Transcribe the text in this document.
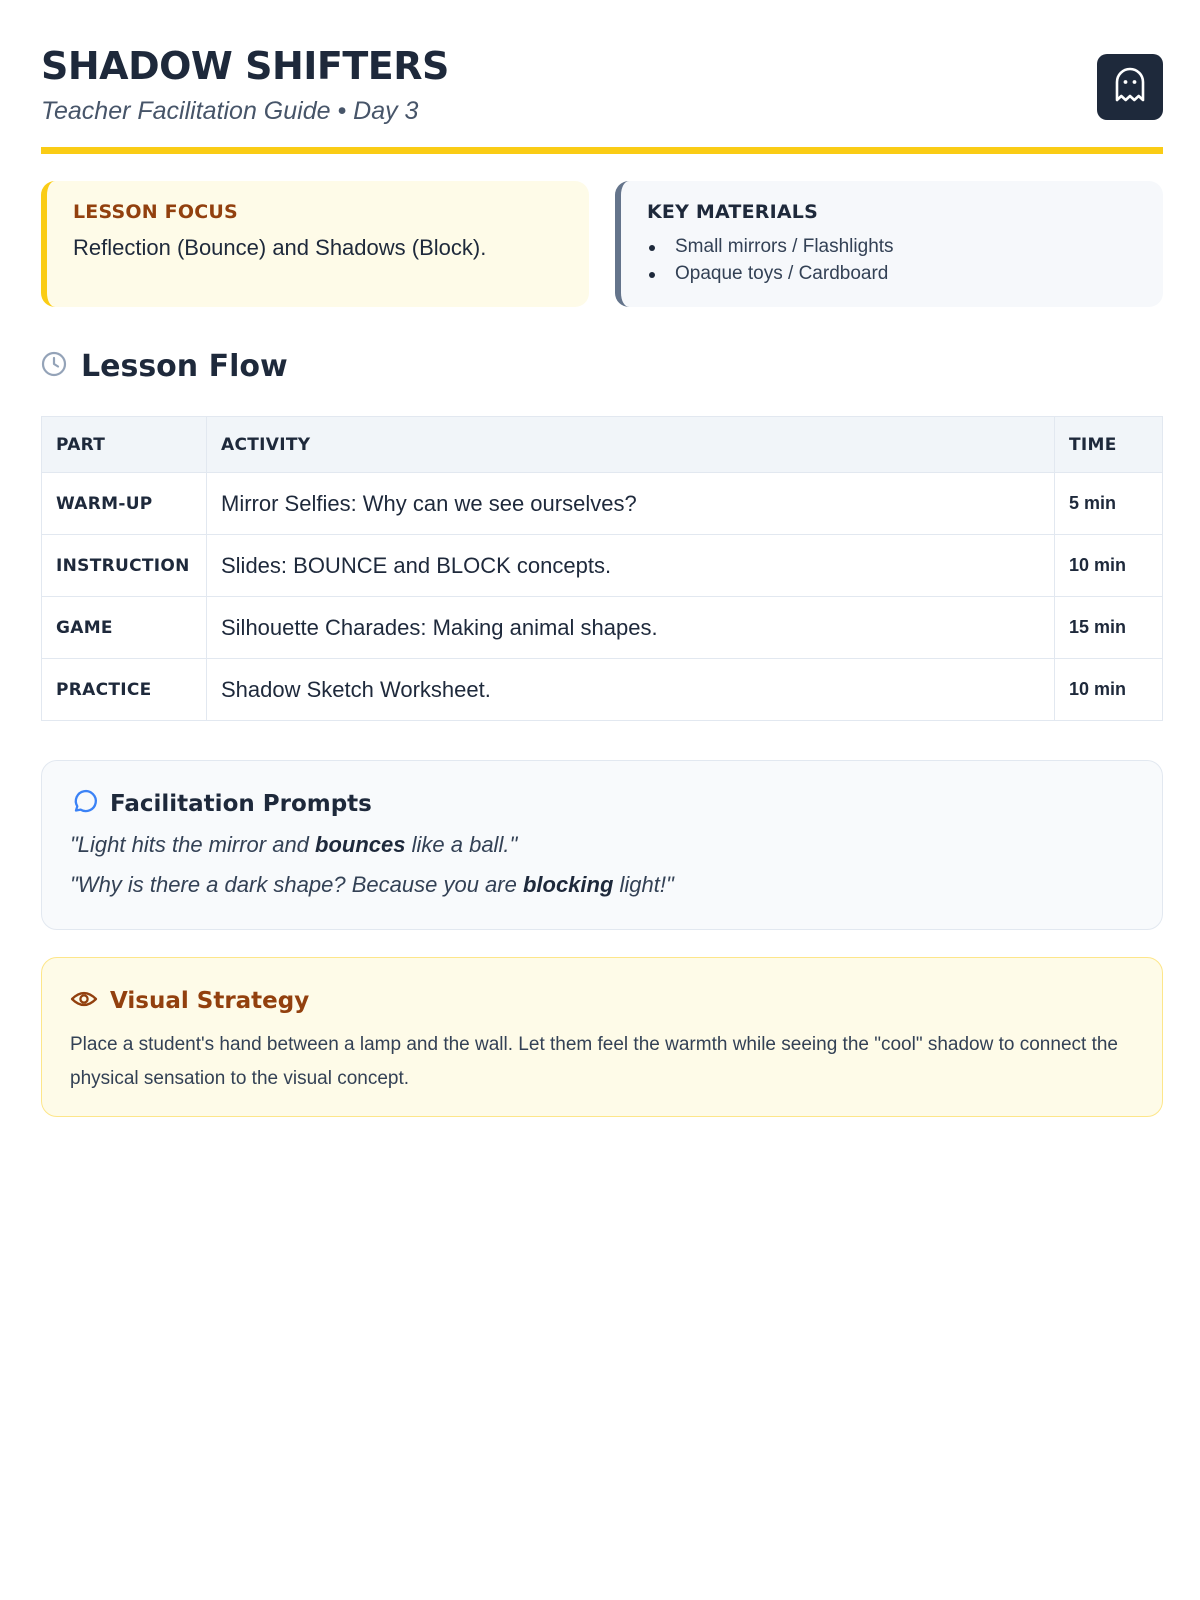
SHADOW SHIFTERS
Teacher Facilitation Guide • Day 3
LESSON FOCUS
Reflection (Bounce) and Shadows (Block).
KEY MATERIALS
Small mirrors / Flashlights
Opaque toys / Cardboard
Lesson Flow
PART	ACTIVITY	TIME
WARM-UP	Mirror Selfies: Why can we see ourselves?	5 min
INSTRUCTION	Slides: BOUNCE and BLOCK concepts.	10 min
GAME	Silhouette Charades: Making animal shapes.	15 min
PRACTICE	Shadow Sketch Worksheet.	10 min
Facilitation Prompts
"Light hits the mirror and bounces like a ball."
"Why is there a dark shape? Because you are blocking light!"
Visual Strategy
Place a student's hand between a lamp and the wall. Let them feel the warmth while seeing the "cool" shadow to connect the physical sensation to the visual concept.
